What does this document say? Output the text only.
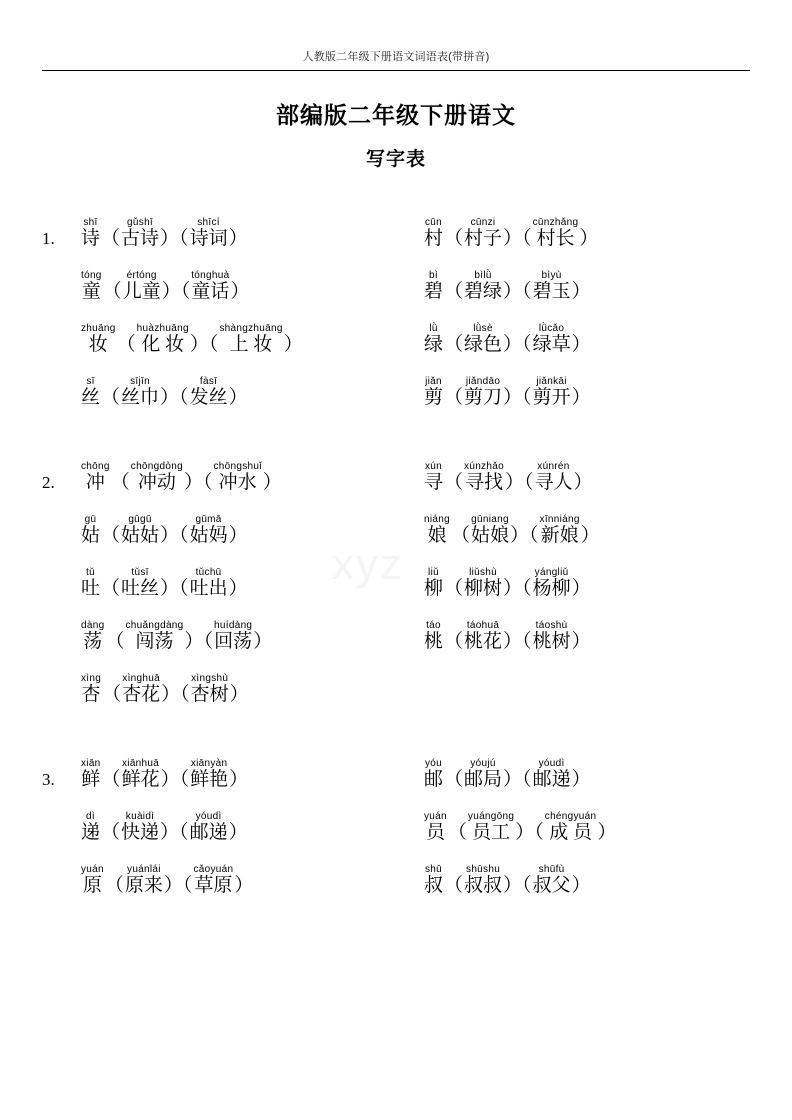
人教版二年级下册语文词语表(带拼音)
部编版二年级下册语文
写字表
xyz
1.
shī
诗 （
gǔshī
古诗 ）（
shīcí
诗词 ）
cūn
村 （
cūnzi
村子 ）（
cūnzhǎng
村长 ）
tóng
童 （
értóng
儿童 ）（
tónghuà
童话 ）
bì
碧 （
bìlǜ
碧绿 ）（
bìyù
碧玉 ）
zhuāng
妆 （
huàzhuāng
化 妆 ）（
shàngzhuāng
上 妆 ）
lǜ
绿 （
lǜsè
绿色 ）（
lǜcǎo
绿草 ）
sī
丝 （
sījīn
丝巾 ）（
fàsī
发丝 ）
jiǎn
剪 （
jiǎndāo
剪刀 ）（
jiǎnkāi
剪开 ）
2.
chōng
冲 （
chōngdòng
冲动 ）（
chōngshuǐ
冲水 ）
xún
寻 （
xúnzhǎo
寻找 ）（
xúnrén
寻人 ）
gū
姑 （
gūgū
姑姑 ）（
gūmā
姑妈 ）
niáng
娘 （
gūniang
姑娘 ）（
xīnniáng
新娘 ）
tǔ
吐 （
tǔsī
吐丝 ）（
tǔchū
吐出 ）
liǔ
柳 （
liǔshù
柳树 ）（
yángliǔ
杨柳 ）
dàng
荡 （
chuǎngdàng
闯荡 ）（
huídàng
回荡 ）
táo
桃 （
táohuā
桃花 ）（
táoshù
桃树 ）
xìng
杏 （
xìnghuā
杏花 ）（
xìngshù
杏树 ）
3.
xiān
鲜 （
xiānhuā
鲜花 ）（
xiānyàn
鲜艳 ）
yóu
邮 （
yóujú
邮局 ）（
yóudì
邮递 ）
dì
递 （
kuàidì
快递 ）（
yóudì
邮递 ）
yuán
员 （
yuángōng
员工 ）（
chéngyuán
成 员 ）
yuán
原 （
yuánlái
原来 ）（
cǎoyuán
草原 ）
shū
叔 （
shūshu
叔叔 ）（
shūfù
叔父 ）
